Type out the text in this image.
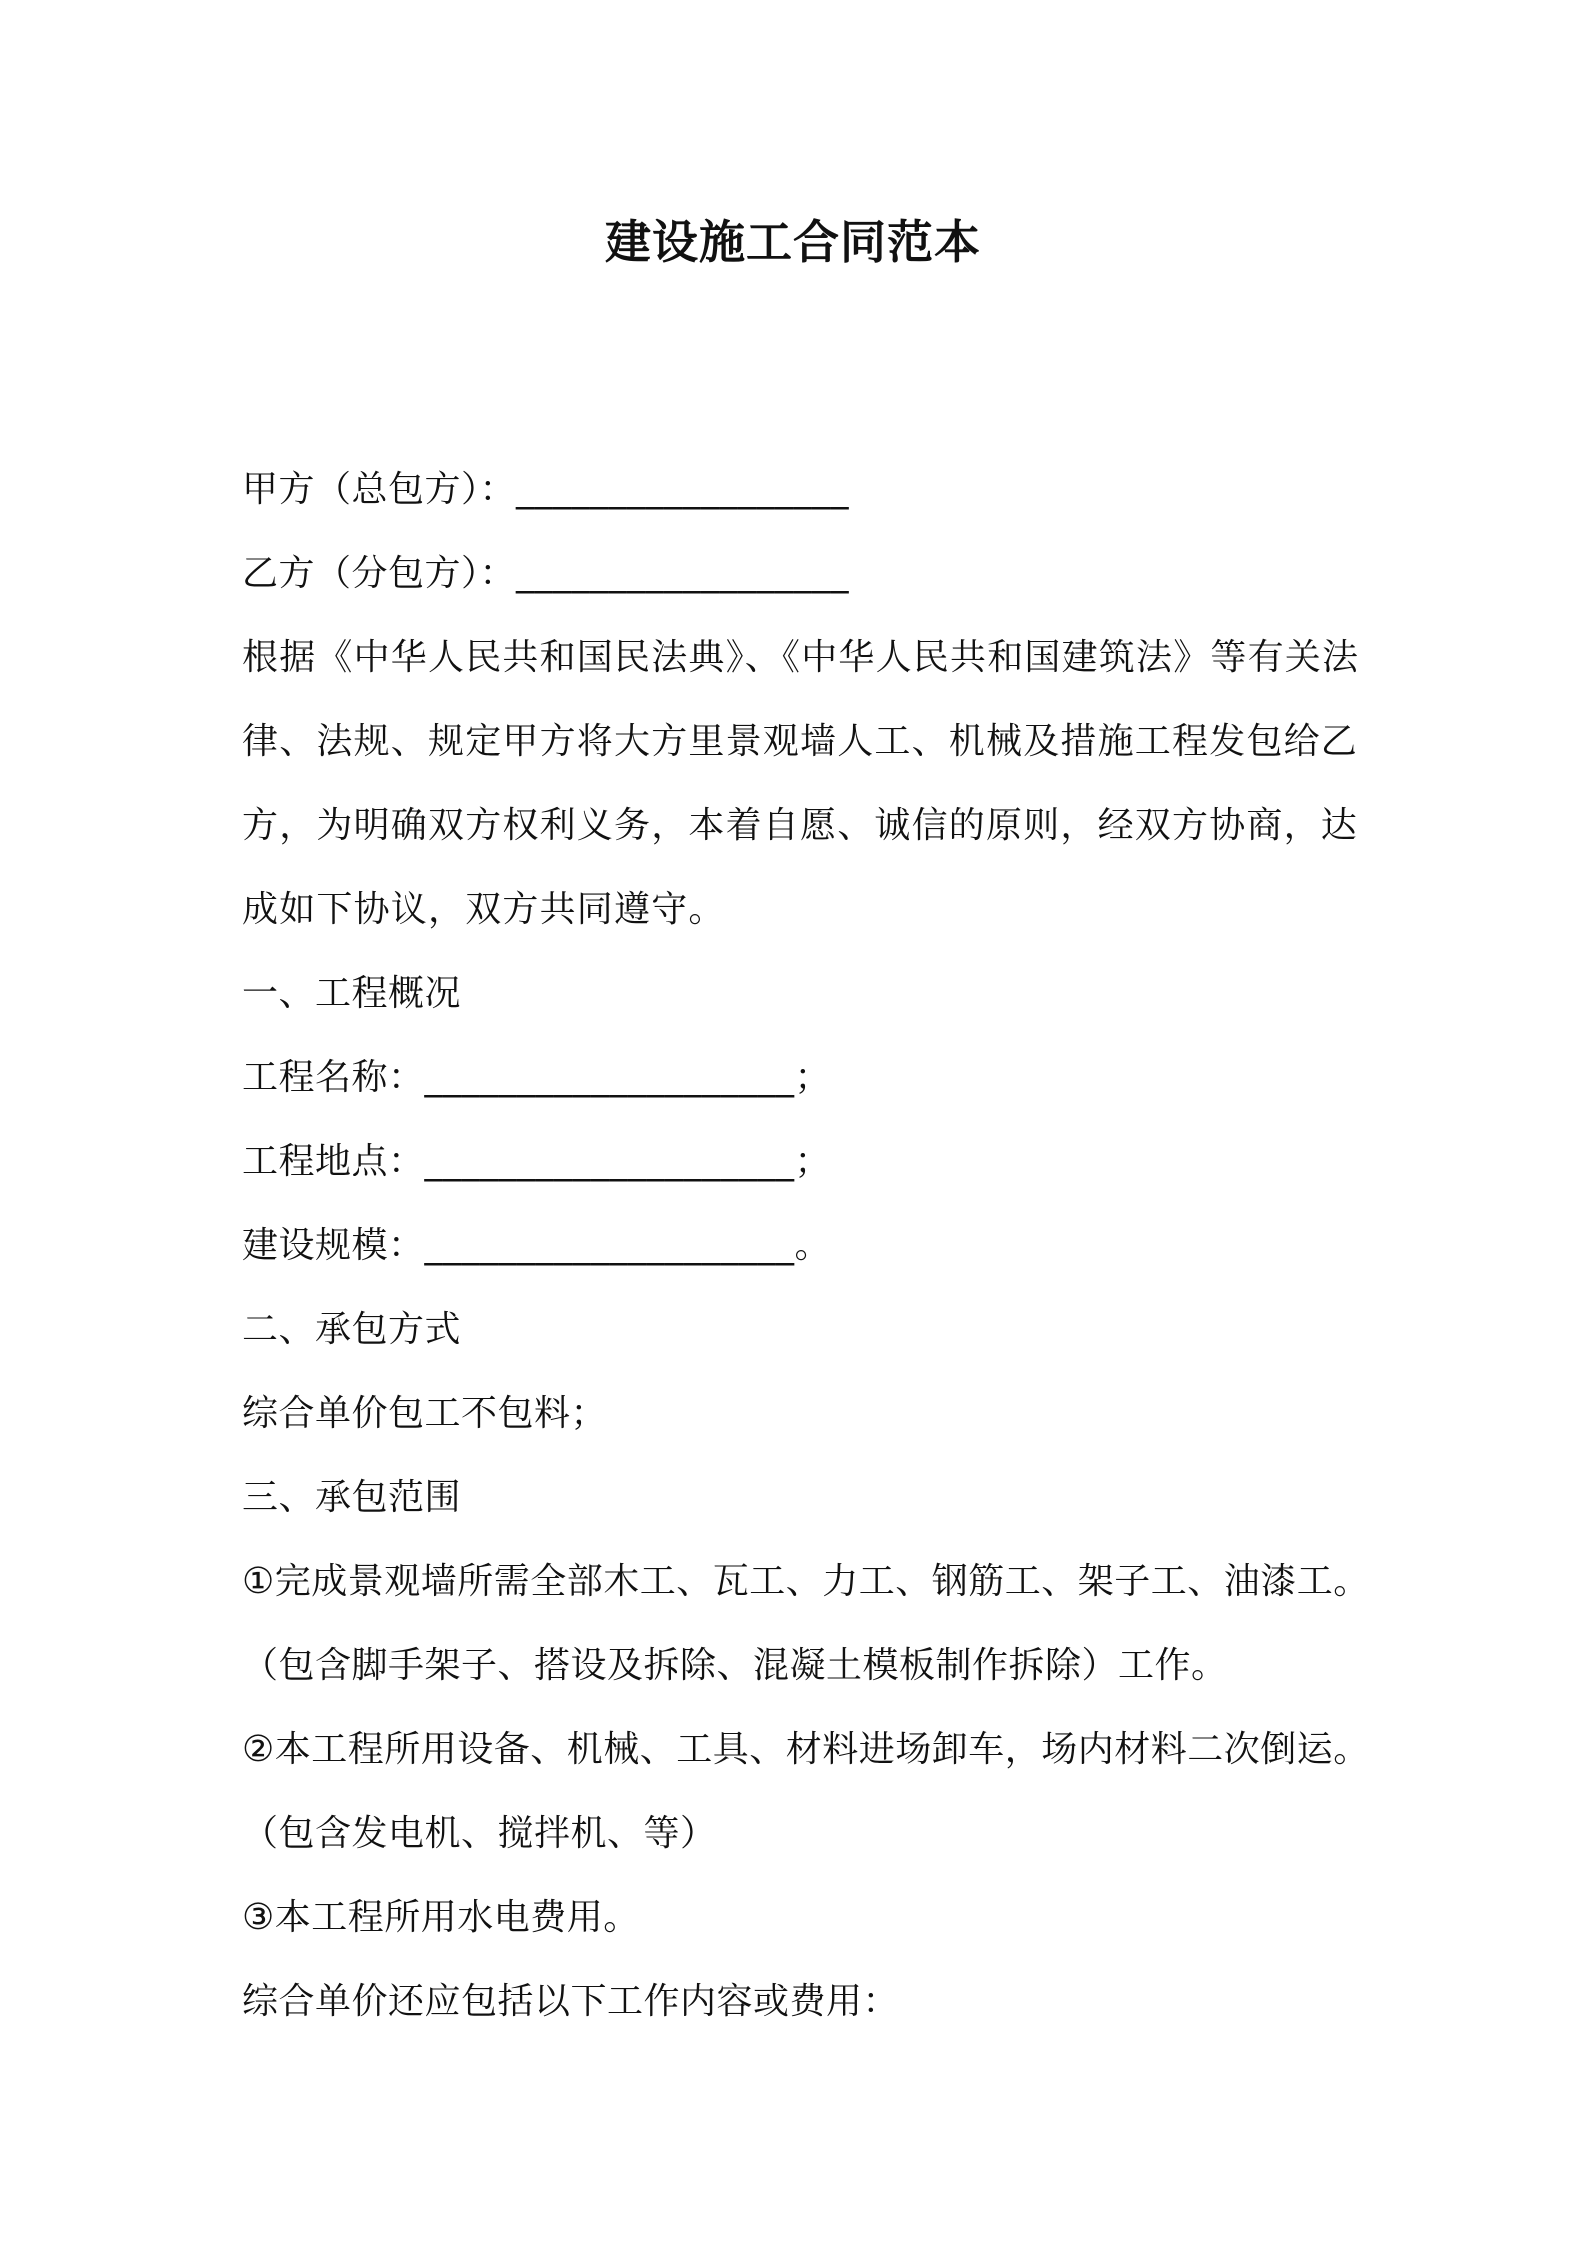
建设施工合同范本
甲方（总包方）：__________________
乙方（分包方）：__________________
根据《中华人民共和国民法典》、《中华人民共和国建筑法》等有关法
律、法规、规定甲方将大方里景观墙人工、机械及措施工程发包给乙
方，为明确双方权利义务，本着自愿、诚信的原则，经双方协商，达
成如下协议，双方共同遵守。
一、工程概况
工程名称：____________________；
工程地点：____________________；
建设规模：____________________。
二、承包方式
综合单价包工不包料；
三、承包范围
①完成景观墙所需全部木工、瓦工、力工、钢筋工、架子工、油漆工。
（包含脚手架子、搭设及拆除、混凝土模板制作拆除）工作。
②本工程所用设备、机械、工具、材料进场卸车，场内材料二次倒运。
（包含发电机、搅拌机、等）
③本工程所用水电费用。
综合单价还应包括以下工作内容或费用：
